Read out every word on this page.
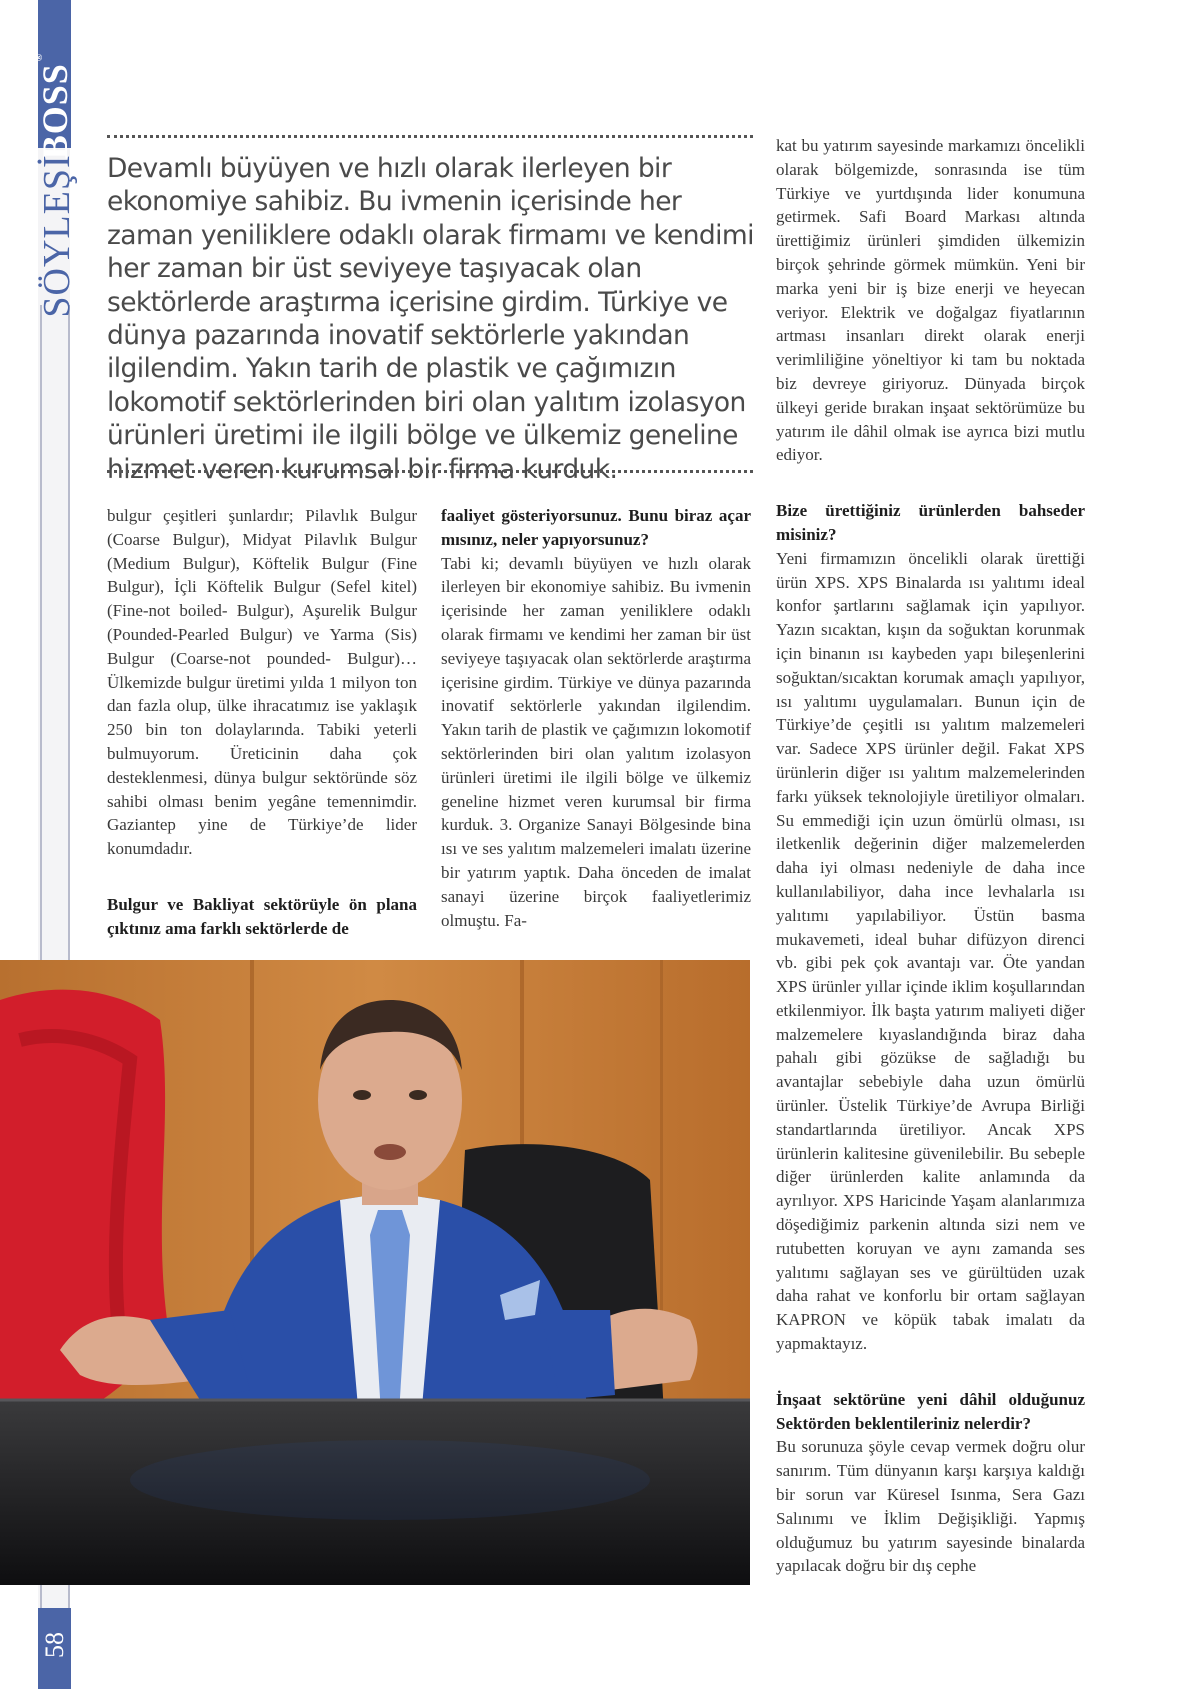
BOSS®
SÖYLEŞİ
58

Devamlı büyüyen ve hızlı olarak ilerleyen bir ekonomiye sahibiz. Bu ivmenin içerisinde her zaman yeniliklere odaklı olarak firmamı ve kendimi her zaman bir üst seviyeye taşıyacak olan sektörlerde araştırma içerisine girdim. Türkiye ve dünya pazarında inovatif sektörlerle yakından ilgilendim. Yakın tarih de plastik ve çağımızın lokomotif sektörlerinden biri olan yalıtım izolasyon ürünleri üretimi ile ilgili bölge ve ülkemiz geneline hizmet veren kurumsal bir firma kurduk.

bulgur çeşitleri şunlardır; Pilavlık Bulgur (Coarse Bulgur), Midyat Pilavlık Bulgur (Medium Bulgur), Köftelik Bulgur (Fine Bulgur), İçli Köftelik Bulgur (Sefel kitel) (Fine-not boiled- Bulgur), Aşurelik Bulgur (Pounded-Pearled Bulgur) ve Yarma (Sis) Bulgur (Coarse-not pounded- Bulgur)… Ülkemizde bulgur üretimi yılda 1 milyon ton dan fazla olup, ülke ihracatımız ise yaklaşık 250 bin ton dolaylarında. Tabiki yeterli bulmuyorum. Üreticinin daha çok desteklenmesi, dünya bulgur sektöründe söz sahibi olması benim yegâne temennimdir. Gaziantep yine de Türkiye’de lider konumdadır.

Bulgur ve Bakliyat sektörüyle ön plana çıktınız ama farklı sektörlerde de
faaliyet gösteriyorsunuz. Bunu biraz açar mısınız, neler yapıyorsunuz?

Tabi ki; devamlı büyüyen ve hızlı olarak ilerleyen bir ekonomiye sahibiz. Bu ivmenin içerisinde her zaman yeniliklere odaklı olarak firmamı ve kendimi her zaman bir üst seviyeye taşıyacak olan sektörlerde araştırma içerisine girdim. Türkiye ve dünya pazarında inovatif sektörlerle yakından ilgilendim. Yakın tarih de plastik ve çağımızın lokomotif sektörlerinden biri olan yalıtım izolasyon ürünleri üretimi ile ilgili bölge ve ülkemiz geneline hizmet veren kurumsal bir firma kurduk. 3. Organize Sanayi Bölgesinde bina ısı ve ses yalıtım malzemeleri imalatı üzerine bir yatırım yaptık. Daha önceden de imalat sanayi üzerine birçok faaliyetlerimiz olmuştu. Fa-

kat bu yatırım sayesinde markamızı öncelikli olarak bölgemizde, sonrasında ise tüm Türkiye ve yurtdışında lider konumuna getirmek. Safi Board Markası altında ürettiğimiz ürünleri şimdiden ülkemizin birçok şehrinde görmek mümkün. Yeni bir marka yeni bir iş bize enerji ve heyecan veriyor. Elektrik ve doğalgaz fiyatlarının artması insanları direkt olarak enerji verimliliğine yöneltiyor ki tam bu noktada biz devreye giriyoruz. Dünyada birçok ülkeyi geride bırakan inşaat sektörümüze bu yatırım ile dâhil olmak ise ayrıca bizi mutlu ediyor.

Bize ürettiğiniz ürünlerden bahseder misiniz?

Yeni firmamızın öncelikli olarak ürettiği ürün XPS. XPS Binalarda ısı yalıtımı ideal konfor şartlarını sağlamak için yapılıyor. Yazın sıcaktan, kışın da soğuktan korunmak için binanın ısı kaybeden yapı bileşenlerini soğuktan/sıcaktan korumak amaçlı yapılıyor, ısı yalıtımı uygulamaları. Bunun için de Türkiye’de çeşitli ısı yalıtım malzemeleri var. Sadece XPS ürünler değil. Fakat XPS ürünlerin diğer ısı yalıtım malzemelerinden farkı yüksek teknolojiyle üretiliyor olmaları. Su emmediği için uzun ömürlü olması, ısı iletkenlik değerinin diğer malzemelerden daha iyi olması nedeniyle de daha ince kullanılabiliyor, daha ince levhalarla ısı yalıtımı yapılabiliyor. Üstün basma mukavemeti, ideal buhar difüzyon direnci vb. gibi pek çok avantajı var. Öte yandan XPS ürünler yıllar içinde iklim koşullarından etkilenmiyor. İlk başta yatırım maliyeti diğer malzemelere kıyaslandığında biraz daha pahalı gibi gözükse de sağladığı bu avantajlar sebebiyle daha uzun ömürlü ürünler. Üstelik Türkiye’de Avrupa Birliği standartlarında üretiliyor. Ancak XPS ürünlerin kalitesine güvenilebilir. Bu sebeple diğer ürünlerden kalite anlamında da ayrılıyor. XPS Haricinde Yaşam alanlarımıza döşediğimiz parkenin altında sizi nem ve rutubetten koruyan ve aynı zamanda ses yalıtımı sağlayan ses ve gürültüden uzak daha rahat ve konforlu bir ortam sağlayan KAPRON ve köpük tabak imalatı da yapmaktayız.

İnşaat sektörüne yeni dâhil olduğunuz Sektörden beklentileriniz nelerdir?

Bu sorunuza şöyle cevap vermek doğru olur sanırım. Tüm dünyanın karşı karşıya kaldığı bir sorun var Küresel Isınma, Sera Gazı Salınımı ve İklim Değişikliği. Yapmış olduğumuz bu yatırım sayesinde binalarda yapılacak doğru bir dış cephe
